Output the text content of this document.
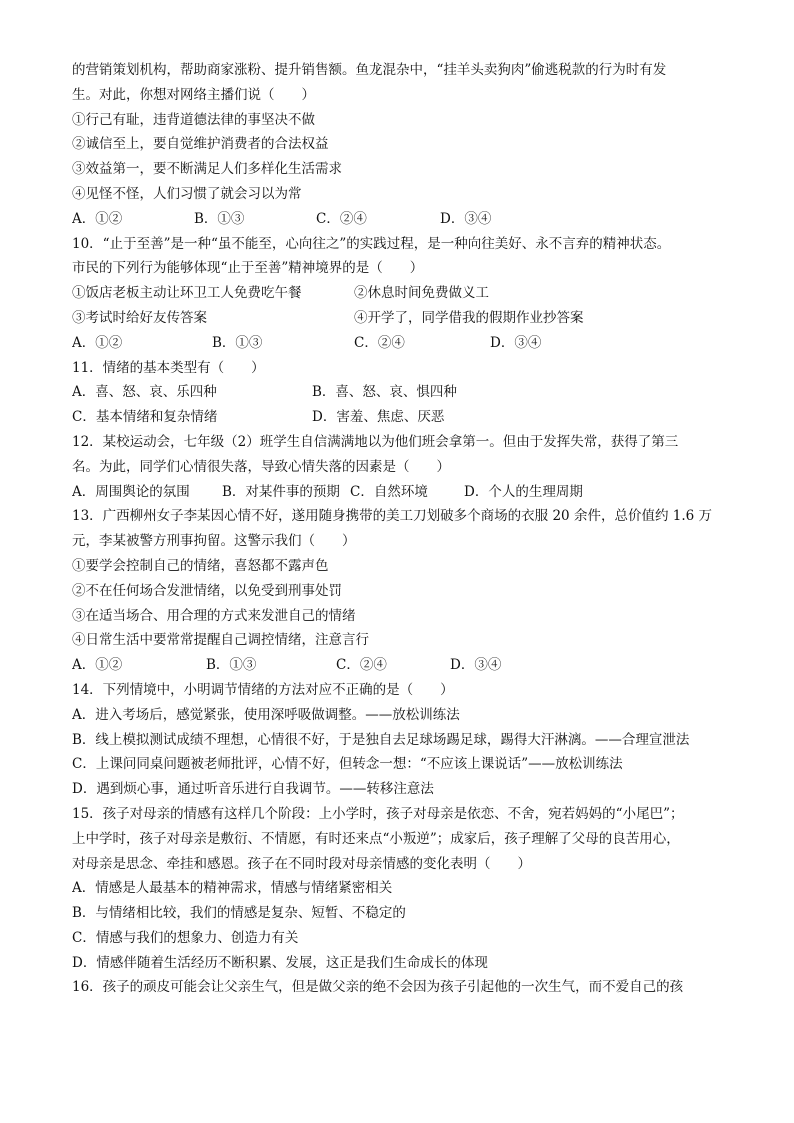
的营销策划机构，帮助商家涨粉、提升销售额。鱼龙混杂中，“挂羊头卖狗肉”偷逃税款的行为时有发
生。对此，你想对网络主播们说（　　）
①行己有耻，违背道德法律的事坚决不做
②诚信至上，要自觉维护消费者的合法权益
③效益第一，要不断满足人们多样化生活需求
④见怪不怪，人们习惯了就会习以为常
A．①②	B．①③	C．②④	D．③④
10．“止于至善”是一种“虽不能至，心向往之”的实践过程，是一种向往美好、永不言弃的精神状态。
市民的下列行为能够体现“止于至善”精神境界的是（　　）
①饭店老板主动让环卫工人免费吃午餐	②休息时间免费做义工
③考试时给好友传答案	④开学了，同学借我的假期作业抄答案
A．①②	B．①③	C．②④	D．③④
11．情绪的基本类型有（　　）
A．喜、怒、哀、乐四种	B．喜、怒、哀、惧四种
C．基本情绪和复杂情绪	D．害羞、焦虑、厌恶
12．某校运动会，七年级（2）班学生自信满满地以为他们班会拿第一。但由于发挥失常，获得了第三
名。为此，同学们心情很失落，导致心情失落的因素是（　　）
A．周围舆论的氛围	B．对某件事的预期 C．自然环境	D．个人的生理周期
13．广西柳州女子李某因心情不好，遂用随身携带的美工刀划破多个商场的衣服 20 余件，总价值约 1.6 万
元，李某被警方刑事拘留。这警示我们（　　）
①要学会控制自己的情绪，喜怒都不露声色
②不在任何场合发泄情绪，以免受到刑事处罚
③在适当场合、用合理的方式来发泄自己的情绪
④日常生活中要常常提醒自己调控情绪，注意言行
A．①②	B．①③	C．②④	D．③④
14．下列情境中，小明调节情绪的方法对应不正确的是（　　）
A．进入考场后，感觉紧张，使用深呼吸做调整。——放松训练法
B．线上模拟测试成绩不理想，心情很不好，于是独自去足球场踢足球，踢得大汗淋漓。——合理宣泄法
C．上课问同桌问题被老师批评，心情不好，但转念一想：“不应该上课说话”——放松训练法
D．遇到烦心事，通过听音乐进行自我调节。——转移注意法
15．孩子对母亲的情感有这样几个阶段：上小学时，孩子对母亲是依恋、不舍，宛若妈妈的“小尾巴”；
上中学时，孩子对母亲是敷衍、不情愿，有时还来点“小叛逆”；成家后，孩子理解了父母的良苦用心，
对母亲是思念、牵挂和感恩。孩子在不同时段对母亲情感的变化表明（　　）
A．情感是人最基本的精神需求，情感与情绪紧密相关
B．与情绪相比较，我们的情感是复杂、短暂、不稳定的
C．情感与我们的想象力、创造力有关
D．情感伴随着生活经历不断积累、发展，这正是我们生命成长的体现
16．孩子的顽皮可能会让父亲生气，但是做父亲的绝不会因为孩子引起他的一次生气，而不爱自己的孩
